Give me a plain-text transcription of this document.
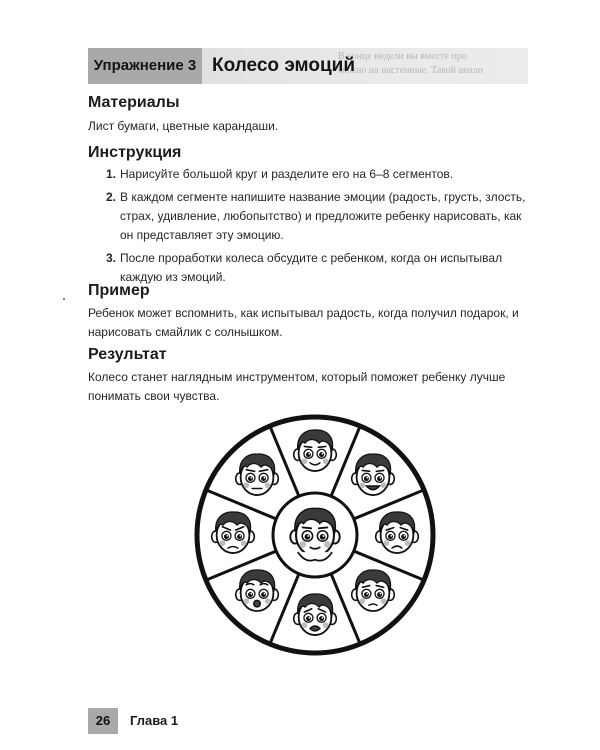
В конце недели вы вместе про
можно на настенные. Такой анали
Упражнение 3 Колесо эмоций
Материалы
Лист бумаги, цветные карандаши.
Инструкция
1. Нарисуйте большой круг и разделите его на 6–8 сегментов.
2. В каждом сегменте напишите название эмоции (радость, грусть, злость, страх, удивление, любопытство) и предложите ребенку нарисовать, как он представляет эту эмоцию.
3. После проработки колеса обсудите с ребенком, когда он испытывал каждую из эмоций.
Пример
Ребенок может вспомнить, как испытывал радость, когда получил подарок, и нарисовать смайлик с солнышком.
Результат
Колесо станет наглядным инструментом, который поможет ребенку лучше понимать свои чувства.
26	Глава 1
